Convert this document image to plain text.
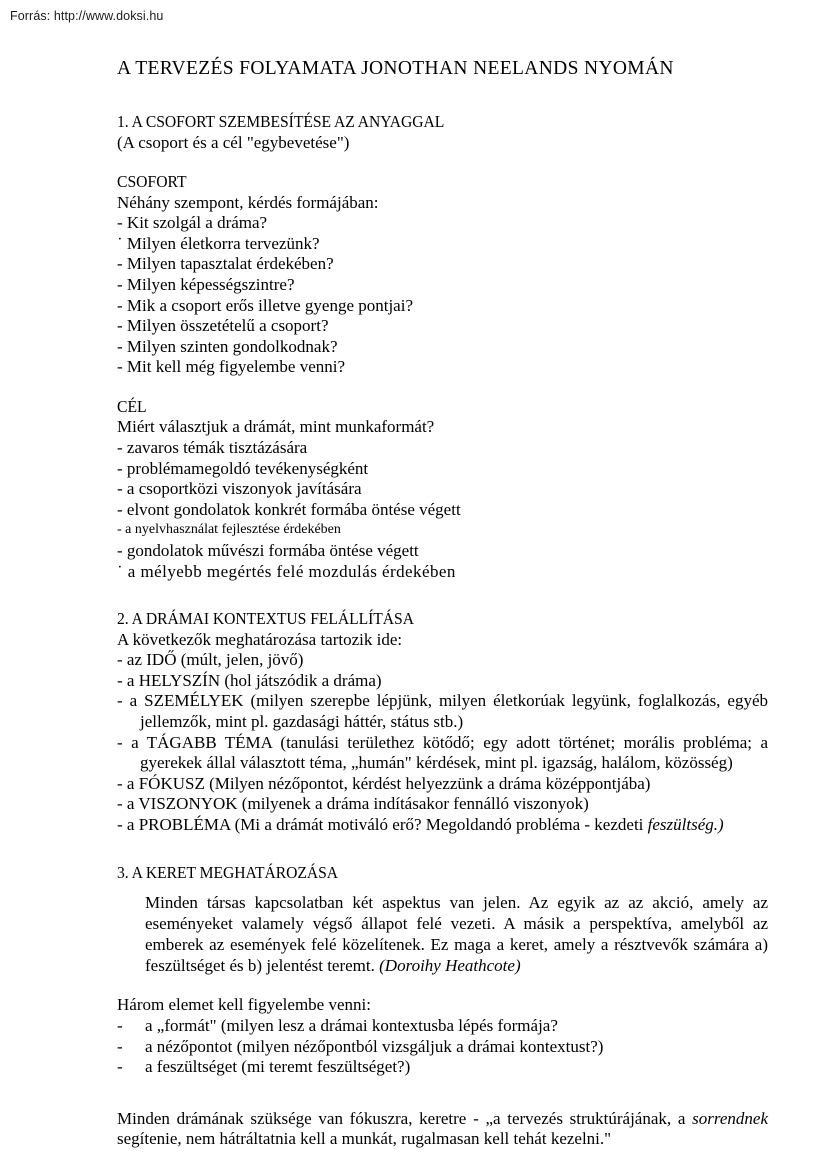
Forrás: http://www.doksi.hu
A TERVEZÉS FOLYAMATA JONOTHAN NEELANDS NYOMÁN
1. A CSOFORT SZEMBESÍTÉSE AZ ANYAGGAL
(A csoport és a cél "egybevetése")
CSOFORT
Néhány szempont, kérdés formájában:
- Kit szolgál a dráma?
˙ Milyen életkorra tervezünk?
- Milyen tapasztalat érdekében?
- Milyen képességszintre?
- Mik a csoport erős illetve gyenge pontjai?
- Milyen összetételű a csoport?
- Milyen szinten gondolkodnak?
- Mit kell még figyelembe venni?
CÉL
Miért választjuk a drámát, mint munkaformát?
- zavaros témák tisztázására
- problémamegoldó tevékenységként
- a csoportközi viszonyok javítására
- elvont gondolatok konkrét formába öntése végett
- a nyelvhasználat fejlesztése érdekében
- gondolatok művészi formába öntése végett
˙ a mélyebb megértés felé mozdulás érdekében
2. A DRÁMAI KONTEXTUS FELÁLLÍTÁSA
A következők meghatározása tartozik ide:
- az IDŐ (múlt, jelen, jövő)
- a HELYSZÍN (hol játszódik a dráma)
- a SZEMÉLYEK (milyen szerepbe lépjünk, milyen életkorúak legyünk, foglalkozás, egyéb jellemzők, mint pl. gazdasági háttér, státus stb.)
- a TÁGABB TÉMA (tanulási területhez kötődő; egy adott történet; morális probléma; a gyerekek állal választott téma, „humán" kérdések, mint pl. igazság, halálom, közösség)
- a FÓKUSZ (Milyen nézőpontot, kérdést helyezzünk a dráma középpontjába)
- a VISZONYOK (milyenek a dráma indításakor fennálló viszonyok)
- a PROBLÉMA (Mi a drámát motiváló erő? Megoldandó probléma - kezdeti feszültség.)
3. A KERET MEGHATÁROZÁSA
Minden társas kapcsolatban két aspektus van jelen. Az egyik az az akció, amely az eseményeket valamely végső állapot felé vezeti. A másik a perspektíva, amelyből az emberek az események felé közelítenek. Ez maga a keret, amely a résztvevők számára a) feszültséget és b) jelentést teremt. (Doroihy Heathcote)
Három elemet kell figyelembe venni:
-	a „formát" (milyen lesz a drámai kontextusba lépés formája?
-	a nézőpontot (milyen nézőpontból vizsgáljuk a drámai kontextust?)
-	a feszültséget (mi teremt feszültséget?)
Minden drámának szüksége van fókuszra, keretre - „a tervezés struktúrájának, a sorrendnek segítenie, nem hátráltatnia kell a munkát, rugalmasan kell tehát kezelni."
